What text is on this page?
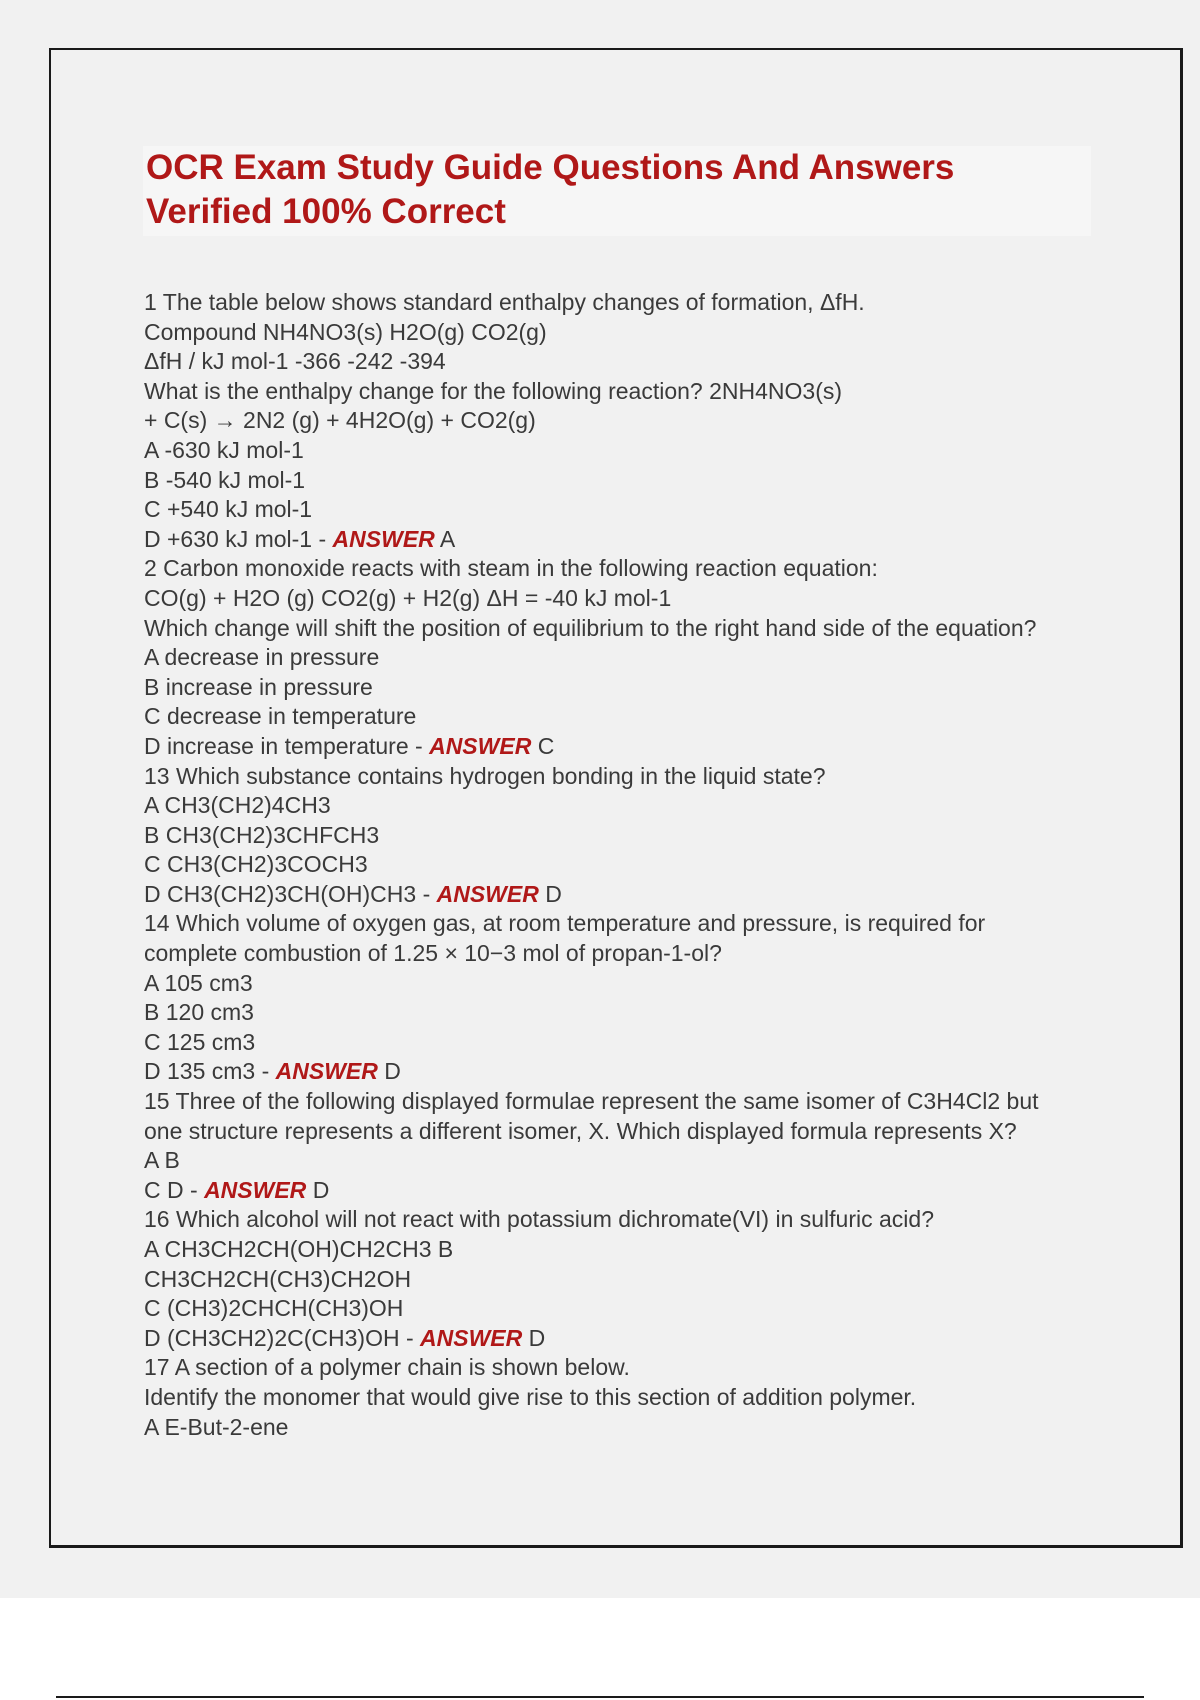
OCR Exam Study Guide Questions And Answers
Verified 100% Correct
1 The table below shows standard enthalpy changes of formation, ΔfH.
Compound NH4NO3(s) H2O(g) CO2(g)
ΔfH / kJ mol-1 -366 -242 -394
What is the enthalpy change for the following reaction? 2NH4NO3(s)
+ C(s) → 2N2 (g) + 4H2O(g) + CO2(g)
A -630 kJ mol-1
B -540 kJ mol-1
C +540 kJ mol-1
D +630 kJ mol-1 - ANSWER A
2 Carbon monoxide reacts with steam in the following reaction equation:
CO(g) + H2O (g) CO2(g) + H2(g) ΔH = -40 kJ mol-1
Which change will shift the position of equilibrium to the right hand side of the equation?
A decrease in pressure
B increase in pressure
C decrease in temperature
D increase in temperature - ANSWER C
13 Which substance contains hydrogen bonding in the liquid state?
A CH3(CH2)4CH3
B CH3(CH2)3CHFCH3
C CH3(CH2)3COCH3
D CH3(CH2)3CH(OH)CH3 - ANSWER D
14 Which volume of oxygen gas, at room temperature and pressure, is required for
complete combustion of 1.25 × 10−3 mol of propan-1-ol?
A 105 cm3
B 120 cm3
C 125 cm3
D 135 cm3 - ANSWER D
15 Three of the following displayed formulae represent the same isomer of C3H4Cl2 but
one structure represents a different isomer, X. Which displayed formula represents X?
A B
C D - ANSWER D
16 Which alcohol will not react with potassium dichromate(VI) in sulfuric acid?
A CH3CH2CH(OH)CH2CH3 B
CH3CH2CH(CH3)CH2OH
C (CH3)2CHCH(CH3)OH
D (CH3CH2)2C(CH3)OH - ANSWER D
17 A section of a polymer chain is shown below.
Identify the monomer that would give rise to this section of addition polymer.
A E-But-2-ene
